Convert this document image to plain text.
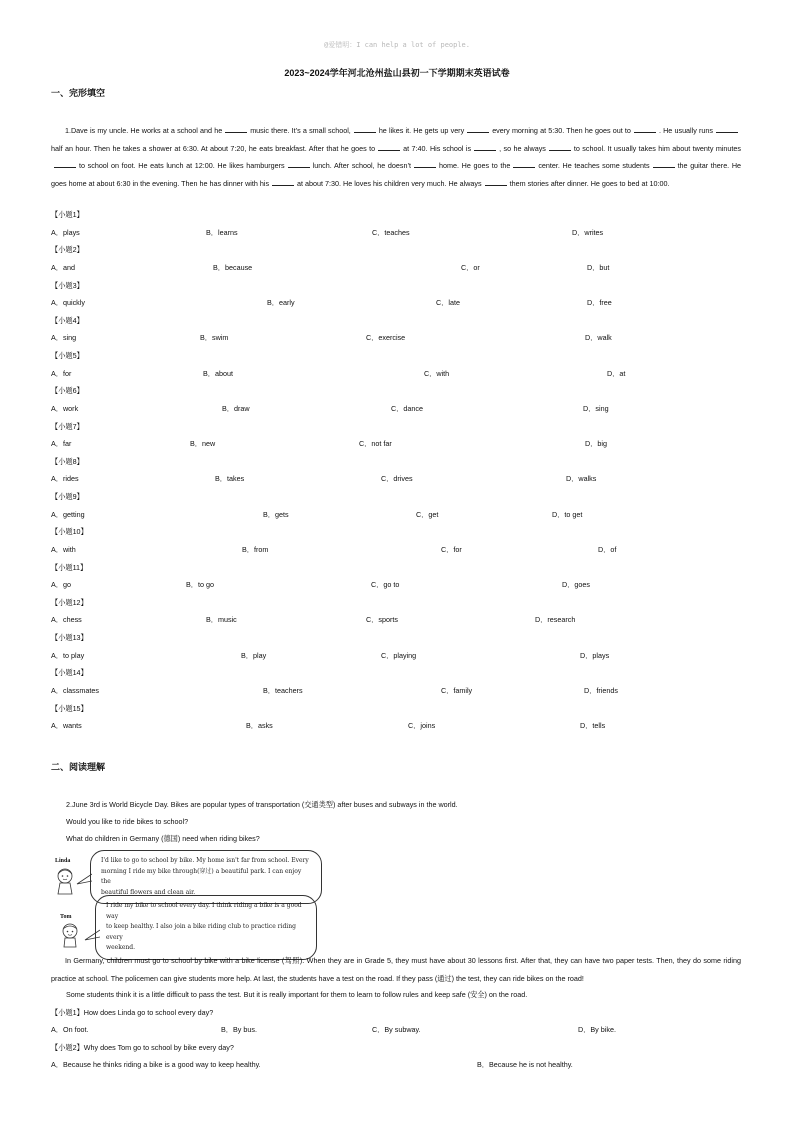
@爱错明：I can help a lot of people.
2023~2024学年河北沧州盐山县初一下学期期末英语试卷
一、完形填空
1.Dave is my uncle. He works at a school and he	music there. It’s a small school,	he likes it. He gets up very	every morning at 5:30. Then he goes out to	. He usually runshalf an hour. Then he takes a shower at 6:30. At about 7:20, he eats breakfast. After that he goes to	at 7:40. His school is	, so he always	to school. It usually takes him about twenty minutesto school on foot. He eats lunch at 12:00. He likes hamburgers	lunch. After school, he doesn’t	home. He goes to the	center. He teaches some students	the guitar there. He goes home at about 6:30 in the evening. Then he has dinner with his	at about 7:30. He loves his children very much. He always	them stories after dinner. He goes to bed at 10:00.
【小题1】
A．plays	B．learns	C．teaches	D．writes
【小题2】
A．and	B．because	C．or	D．but
【小题3】
A．quickly	B．early	C．late	D．free
【小题4】
A．sing	B．swim	C．exercise	D．walk
【小题5】
A．for	B．about	C．with	D．at
【小题6】
A．work	B．draw	C．dance	D．sing
【小题7】
A．far	B．new	C．not far	D．big
【小题8】
A．rides	B．takes	C．drives	D．walks
【小题9】
A．getting	B．gets	C．get	D．to get
【小题10】
A．with	B．from	C．for	D．of
【小题11】
A．go	B．to go	C．go to	D．goes
【小题12】
A．chess	B．music	C．sports	D．research
【小题13】
A．to play	B．play	C．playing	D．plays
【小题14】
A．classmates	B．teachers	C．family	D．friends
【小题15】
A．wants	B．asks	C．joins	D．tells
二、阅读理解
2.June 3rd is World Bicycle Day. Bikes are popular types of transportation (交通类型) after buses and subways in the world.
Would you like to ride bikes to school?
What do children in Germany (德国) need when riding bikes?
Linda	I'd like to go to school by bike. My home isn't far from school. Every
morning I ride my bike through(穿过) a beautiful park. I can enjoy the
beautiful flowers and clean air.
Tom
I ride my bike to school every day. I think riding a bike is a good way
to keep healthy. I also join a bike riding club to practice riding every
weekend.
In Germany, children must go to school by bike with a bike license (驾照). When they are in Grade 5, they must have about 30 lessons first. After that, they can have two paper tests. Then, they do some riding practice at school. The policemen can give students more help. At last, the students have a test on the road. If they pass (通过) the test, they can ride bikes on the road!
Some students think it is a little difficult to pass the test. But it is really important for them to learn to follow rules and keep safe (安全) on the road.
【小题1】How does Linda go to school every day?
A．On foot.	B．By bus.	C．By subway.	D．By bike.
【小题2】Why does Tom go to school by bike every day?
A．Because he thinks riding a bike is a good way to keep healthy.	B．Because he is not healthy.
